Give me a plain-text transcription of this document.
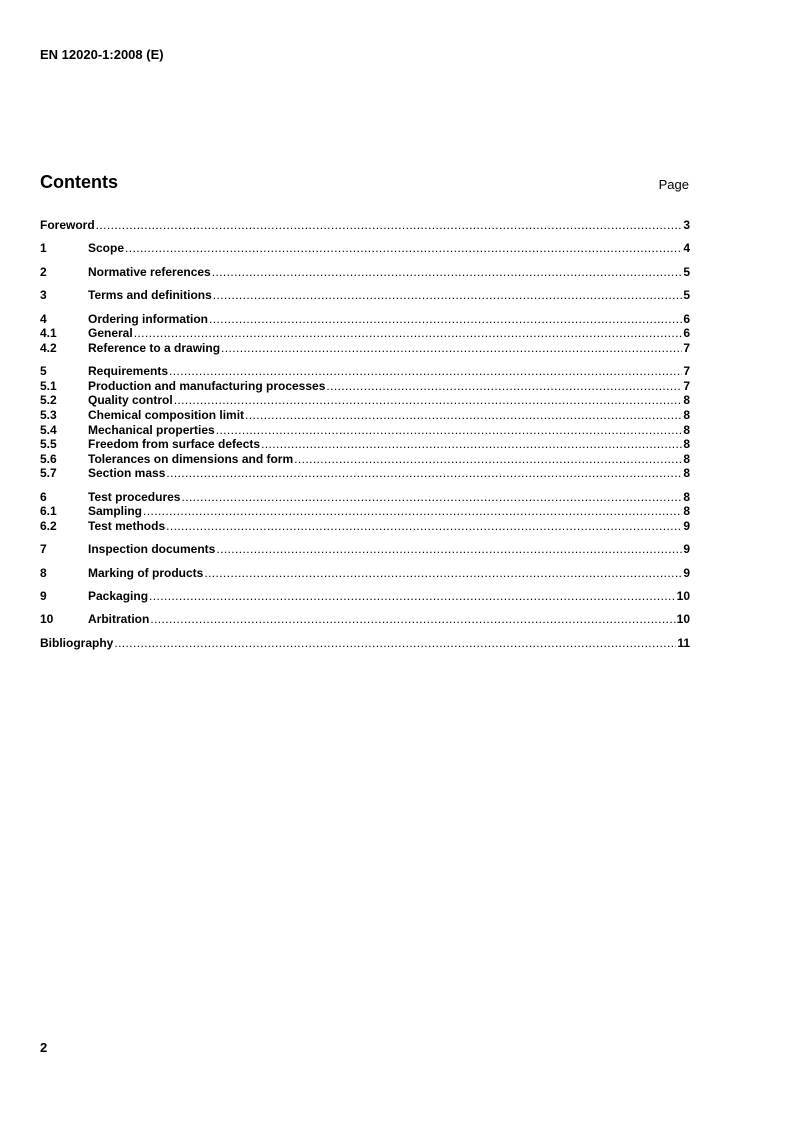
EN 12020-1:2008 (E)
Contents	Page
Foreword .....	3
1	Scope .....	4
2	Normative references .....	5
3	Terms and definitions .....	5
4	Ordering information .....	6
4.1	General .....	6
4.2	Reference to a drawing .....	7
5	Requirements .....	7
5.1	Production and manufacturing processes .....	7
5.2	Quality control .....	8
5.3	Chemical composition limit .....	8
5.4	Mechanical properties .....	8
5.5	Freedom from surface defects .....	8
5.6	Tolerances on dimensions and form .....	8
5.7	Section mass .....	8
6	Test procedures .....	8
6.1	Sampling .....	8
6.2	Test methods .....	9
7	Inspection documents .....	9
8	Marking of products .....	9
9	Packaging .....	10
10	Arbitration .....	10
Bibliography .....	11
2
